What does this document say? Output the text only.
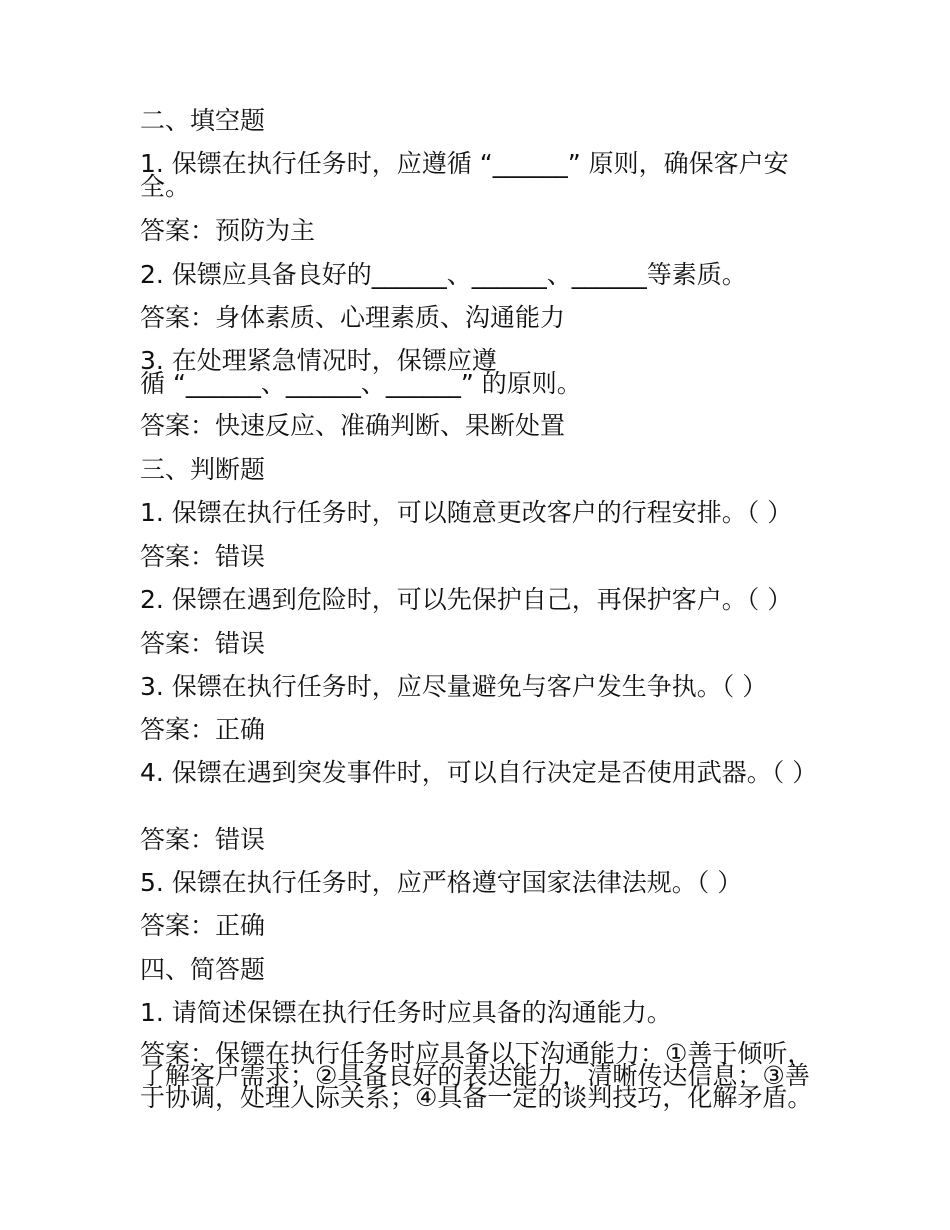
二、填空题

1. 保镖在执行任务时，应遵循 “______” 原则，确保客户安全。

答案：预防为主

2. 保镖应具备良好的______、______、______等素质。

答案：身体素质、心理素质、沟通能力

3. 在处理紧急情况时，保镖应遵

循 “______、______、______” 的原则。

答案：快速反应、准确判断、果断处置

三、判断题

1. 保镖在执行任务时，可以随意更改客户的行程安排。（ ）

答案：错误

2. 保镖在遇到危险时，可以先保护自己，再保护客户。（ ）

答案：错误

3. 保镖在执行任务时，应尽量避免与客户发生争执。（ ）

答案：正确

4. 保镖在遇到突发事件时，可以自行决定是否使用武器。（ ）

答案：错误

5. 保镖在执行任务时，应严格遵守国家法律法规。（ ）

答案：正确

四、简答题

1. 请简述保镖在执行任务时应具备的沟通能力。

答案：保镖在执行任务时应具备以下沟通能力：①善于倾听，了解客户需求；②具备良好的表达能力，清晰传达信息；③善于协调，处理人际关系；④具备一定的谈判技巧，化解矛盾。
